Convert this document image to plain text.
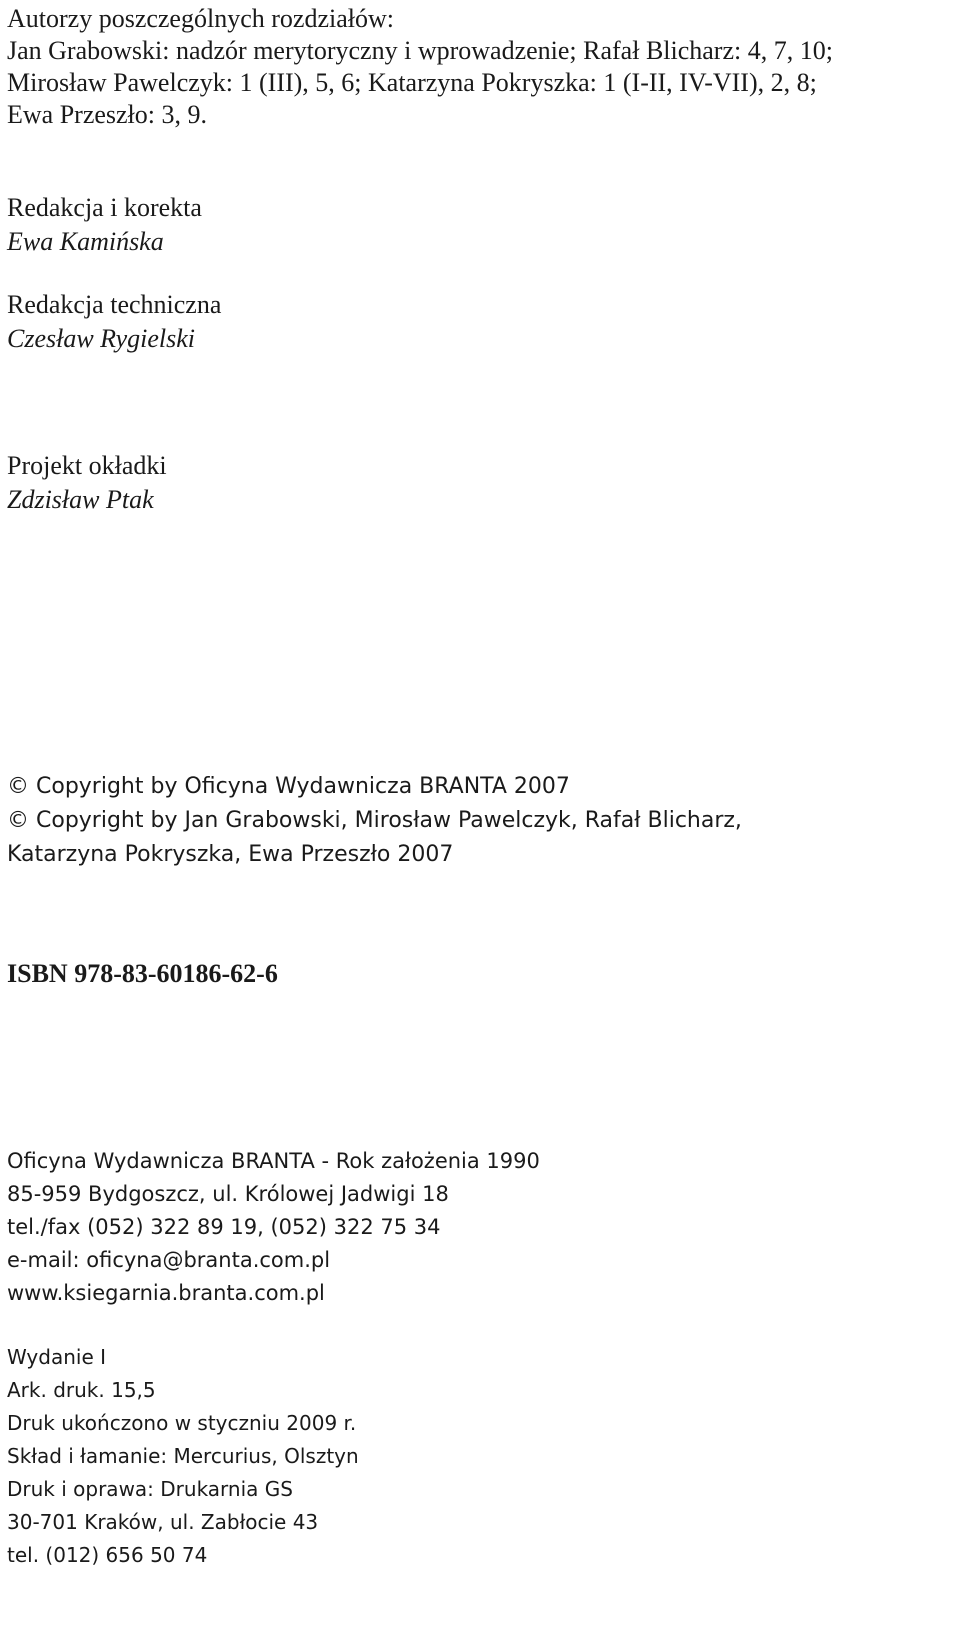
Autorzy poszczególnych rozdziałów:
Jan Grabowski: nadzór merytoryczny i wprowadzenie; Rafał Blicharz: 4, 7, 10;
Mirosław Pawelczyk: 1 (III), 5, 6; Katarzyna Pokryszka: 1 (I-II, IV-VII), 2, 8;
Ewa Przeszło: 3, 9.
Redakcja i korekta
Ewa Kamińska
Redakcja techniczna
Czesław Rygielski
Projekt okładki
Zdzisław Ptak
© Copyright by Oficyna Wydawnicza BRANTA 2007
© Copyright by Jan Grabowski, Mirosław Pawelczyk, Rafał Blicharz,
Katarzyna Pokryszka, Ewa Przeszło 2007
ISBN 978-83-60186-62-6
Oficyna Wydawnicza BRANTA - Rok założenia 1990
85-959 Bydgoszcz, ul. Królowej Jadwigi 18
tel./fax (052) 322 89 19, (052) 322 75 34
e-mail: oficyna@branta.com.pl
www.ksiegarnia.branta.com.pl
Wydanie I
Ark. druk. 15,5
Druk ukończono w styczniu 2009 r.
Skład i łamanie: Mercurius, Olsztyn
Druk i oprawa: Drukarnia GS
30-701 Kraków, ul. Zabłocie 43
tel. (012) 656 50 74
